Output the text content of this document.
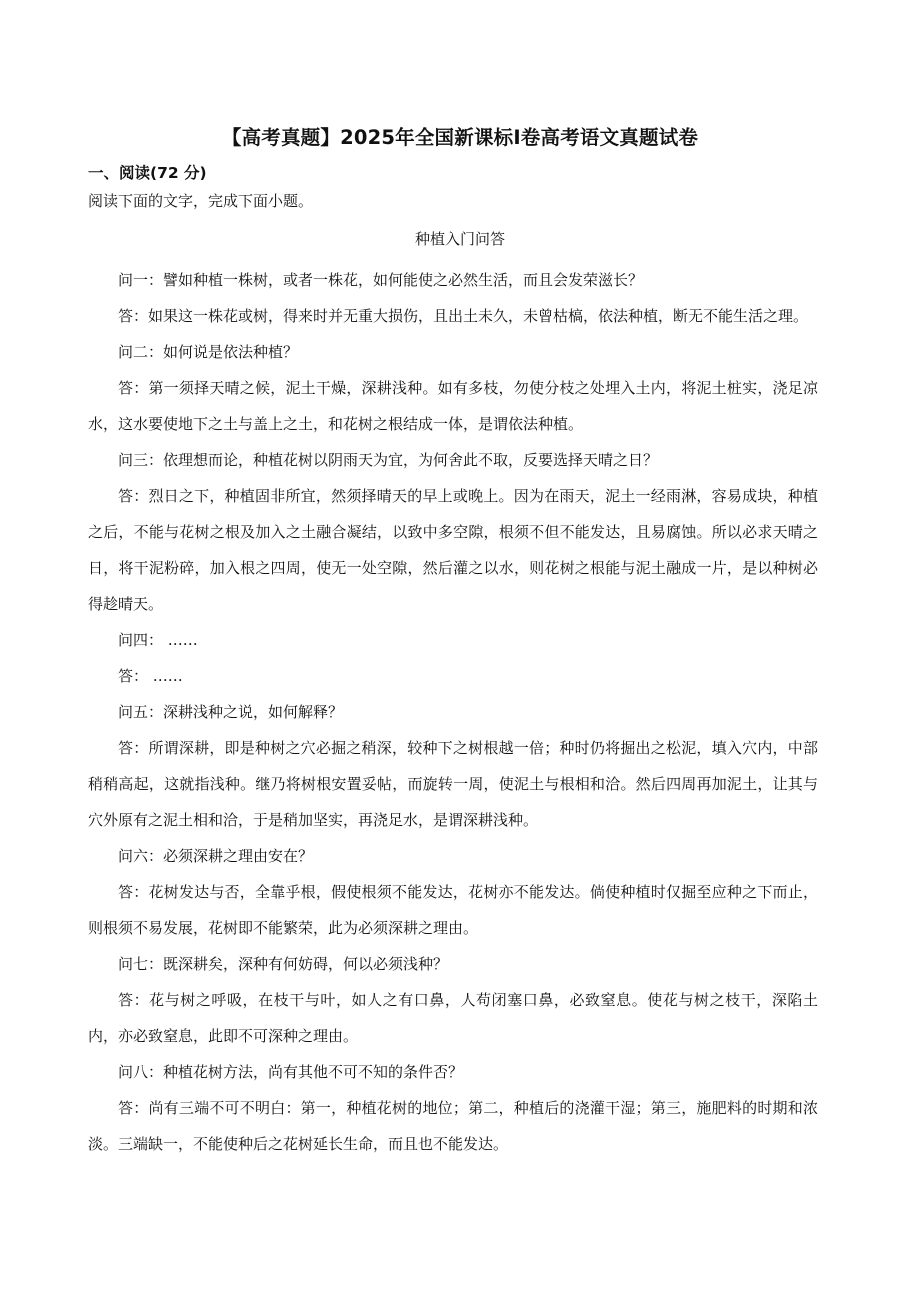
【高考真题】2025年全国新课标Ⅰ卷高考语文真题试卷
一、阅读(72 分)
阅读下面的文字，完成下面小题。
种植入门问答

问一：譬如种植一株树，或者一株花，如何能使之必然生活，而且会发荣滋长？

答：如果这一株花或树，得来时并无重大损伤，且出土未久，未曾枯槁，依法种植，断无不能生活之理。

问二：如何说是依法种植？

答：第一须择天晴之候，泥土干燥，深耕浅种。如有多枝，勿使分枝之处埋入土内，将泥土桩实，浇足凉水，这水要使地下之土与盖上之土，和花树之根结成一体，是谓依法种植。

问三：依理想而论，种植花树以阴雨天为宜，为何舍此不取，反要选择天晴之日？

答：烈日之下，种植固非所宜，然须择晴天的早上或晚上。因为在雨天，泥土一经雨淋，容易成块，种植之后，不能与花树之根及加入之土融合凝结，以致中多空隙，根须不但不能发达，且易腐蚀。所以必求天晴之日，将干泥粉碎，加入根之四周，使无一处空隙，然后灌之以水，则花树之根能与泥土融成一片，是以种树必得趁晴天。

问四： ……

答： ……

问五：深耕浅种之说，如何解释？

答：所谓深耕，即是种树之穴必掘之稍深，较种下之树根越一倍；种时仍将掘出之松泥，填入穴内，中部稍稍高起，这就指浅种。继乃将树根安置妥帖，而旋转一周，使泥土与根相和洽。然后四周再加泥土，让其与穴外原有之泥土相和洽，于是稍加坚实，再浇足水，是谓深耕浅种。

问六：必须深耕之理由安在？

答：花树发达与否，全靠乎根，假使根须不能发达，花树亦不能发达。倘使种植时仅掘至应种之下而止，则根须不易发展，花树即不能繁荣，此为必须深耕之理由。

问七：既深耕矣，深种有何妨碍，何以必须浅种？

答：花与树之呼吸，在枝干与叶，如人之有口鼻，人苟闭塞口鼻，必致窒息。使花与树之枝干，深陷土内，亦必致窒息，此即不可深种之理由。

问八：种植花树方法，尚有其他不可不知的条件否？

答：尚有三端不可不明白：第一，种植花树的地位；第二，种植后的浇灌干湿；第三，施肥料的时期和浓淡。三端缺一，不能使种后之花树延长生命，而且也不能发达。
